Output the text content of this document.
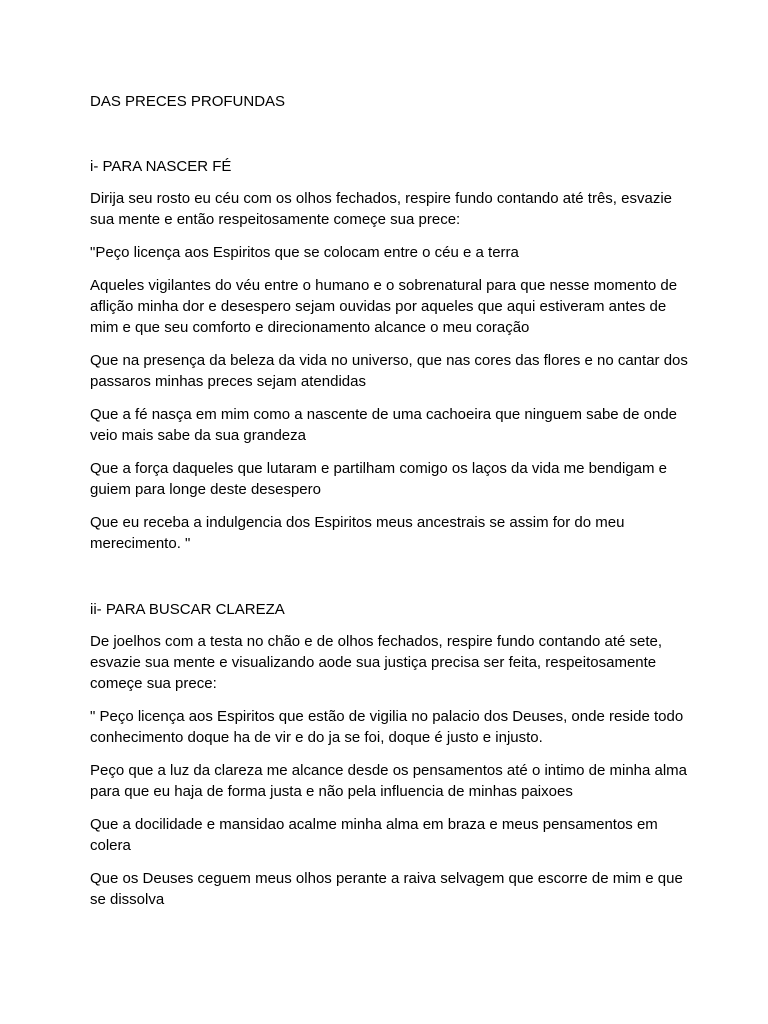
DAS PRECES PROFUNDAS
i- PARA NASCER FÉ

Dirija seu rosto eu céu com os olhos fechados, respire fundo contando até três, esvazie sua mente e então respeitosamente começe sua prece:

"Peço licença aos Espiritos que se colocam entre o céu e a terra

Aqueles vigilantes do véu entre o humano e o sobrenatural para que nesse momento de aflição minha dor e desespero sejam ouvidas por aqueles que aqui estiveram antes de mim e que seu comforto e direcionamento alcance o meu coração

Que na presença da beleza da vida no universo, que nas cores das flores e no cantar dos passaros minhas preces sejam atendidas

Que a fé nasça em mim como a nascente de uma cachoeira que ninguem sabe de onde veio mais sabe da sua grandeza

Que a força daqueles que lutaram e partilham comigo os laços da vida me bendigam e guiem para longe deste desespero

Que eu receba a indulgencia dos Espiritos meus ancestrais se assim for do meu merecimento. "

ii- PARA BUSCAR CLAREZA

De joelhos com a testa no chão e de olhos fechados, respire fundo contando até sete, esvazie sua mente e visualizando aode sua justiça precisa ser feita, respeitosamente começe sua prece:

" Peço licença aos Espiritos que estão de vigilia no palacio dos Deuses, onde reside todo conhecimento doque ha de vir e do ja se foi, doque é justo e injusto.

Peço que a luz da clareza me alcance desde os pensamentos até o intimo de minha alma para que eu haja de forma justa e não pela influencia de minhas paixoes

Que a docilidade e mansidao acalme minha alma em braza e meus pensamentos em colera

Que os Deuses ceguem meus olhos perante a raiva selvagem que escorre de mim e que se dissolva
